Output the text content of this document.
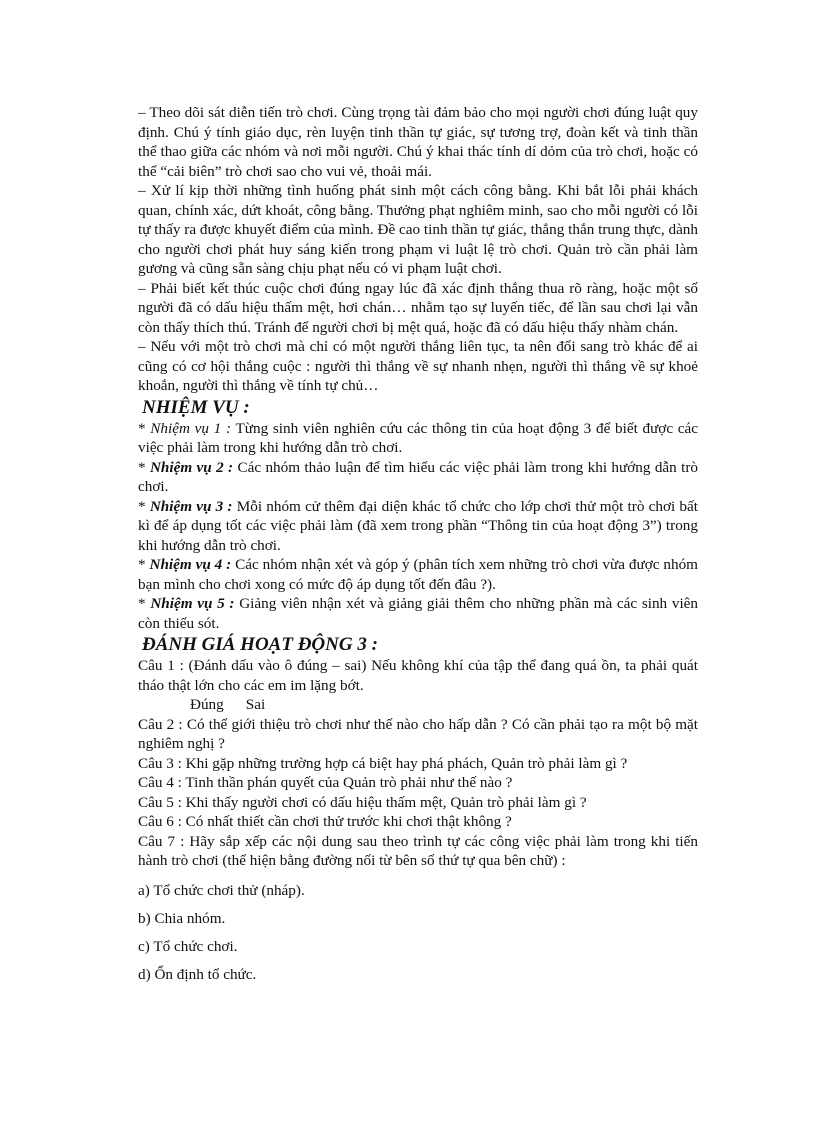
– Theo dõi sát diễn tiến trò chơi. Cùng trọng tài đảm bảo cho mọi người chơi đúng luật quy định. Chú ý tính giáo dục, rèn luyện tinh thần tự giác, sự tương trợ, đoàn kết và tinh thần thể thao giữa các nhóm và nơi mỗi người. Chú ý khai thác tính dí dỏm của trò chơi, hoặc có thể “cải biên” trò chơi sao cho vui vẻ, thoải mái.

– Xử lí kịp thời những tình huống phát sinh một cách công bằng. Khi bắt lỗi phải khách quan, chính xác, dứt khoát, công bằng. Thưởng phạt nghiêm minh, sao cho mỗi người có lỗi tự thấy ra được khuyết điểm của mình. Đề cao tinh thần tự giác, thẳng thắn trung thực, dành cho người chơi phát huy sáng kiến trong phạm vi luật lệ trò chơi. Quản trò cần phải làm gương và cũng sẵn sàng chịu phạt nếu có vi phạm luật chơi.

– Phải biết kết thúc cuộc chơi đúng ngay lúc đã xác định thắng thua rõ ràng, hoặc một số người đã có dấu hiệu thấm mệt, hơi chán… nhằm tạo sự luyến tiếc, để lần sau chơi lại vẫn còn thấy thích thú. Tránh để người chơi bị mệt quá, hoặc đã có dấu hiệu thấy nhàm chán.

– Nếu với một trò chơi mà chỉ có một người thắng liên tục, ta nên đổi sang trò khác để ai cũng có cơ hội thắng cuộc : người thì thắng về sự nhanh nhẹn, người thì thắng về sự khoẻ khoắn, người thì thắng về tính tự chủ…

NHIỆM VỤ :

* Nhiệm vụ 1 : Từng sinh viên nghiên cứu các thông tin của hoạt động 3 để biết được các việc phải làm trong khi hướng dẫn trò chơi.

* Nhiệm vụ 2 : Các nhóm thảo luận để tìm hiểu các việc phải làm trong khi hướng dẫn trò chơi.

* Nhiệm vụ 3 : Mỗi nhóm cử thêm đại diện khác tổ chức cho lớp chơi thử một trò chơi bất kì để áp dụng tốt các việc phải làm (đã xem trong phần “Thông tin của hoạt động 3”) trong khi hướng dẫn trò chơi.

* Nhiệm vụ 4 : Các nhóm nhận xét và góp ý (phân tích xem những trò chơi vừa được nhóm bạn mình cho chơi xong có mức độ áp dụng tốt đến đâu ?).

* Nhiệm vụ 5 : Giảng viên nhận xét và giảng giải thêm cho những phần mà các sinh viên còn thiếu sót.

ĐÁNH GIÁ HOẠT ĐỘNG 3 :

Câu 1 : (Đánh dấu vào ô đúng – sai) Nếu không khí của tập thể đang quá ồn, ta phải quát tháo thật lớn cho các em im lặng bớt.

Đúng Sai

Câu 2 : Có thể giới thiệu trò chơi như thế nào cho hấp dẫn ? Có cần phải tạo ra một bộ mặt nghiêm nghị ?

Câu 3 : Khi gặp những trường hợp cá biệt hay phá phách, Quản trò phải làm gì ?

Câu 4 : Tinh thần phán quyết của Quản trò phải như thế nào ?

Câu 5 : Khi thấy người chơi có dấu hiệu thấm mệt, Quản trò phải làm gì ?

Câu 6 : Có nhất thiết cần chơi thử trước khi chơi thật không ?

Câu 7 : Hãy sắp xếp các nội dung sau theo trình tự các công việc phải làm trong khi tiến hành trò chơi (thể hiện bằng đường nối từ bên số thứ tự qua bên chữ) :

a) Tổ chức chơi thử (nháp).

b) Chia nhóm.

c) Tổ chức chơi.

d) Ổn định tổ chức.
